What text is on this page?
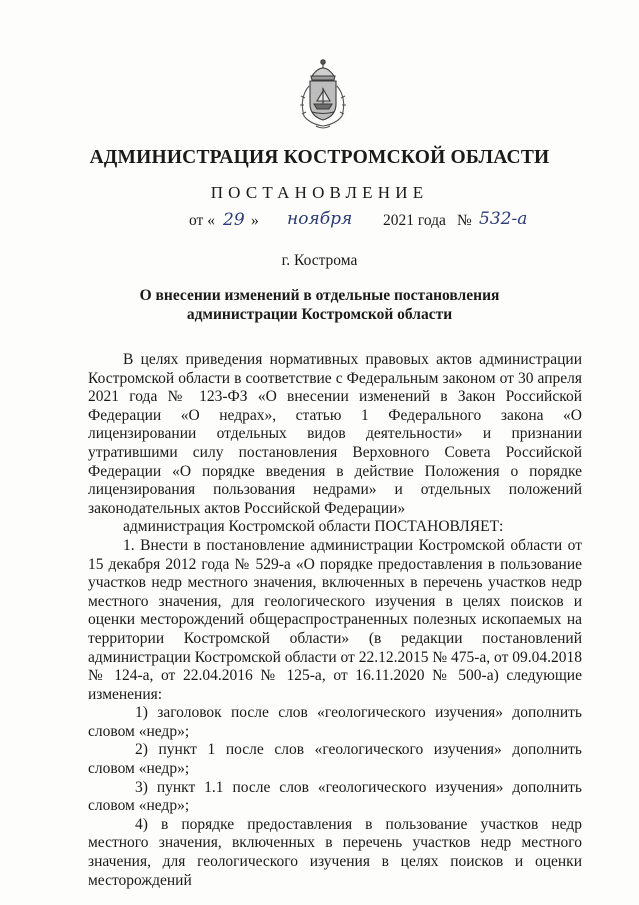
АДМИНИСТРАЦИЯ КОСТРОМСКОЙ ОБЛАСТИ
ПОСТАНОВЛЕНИЕ
от « 29 » ноября 2021 года № 532-а
г. Кострома
О внесении изменений в отдельные постановления
администрации Костромской области

В целях приведения нормативных правовых актов администрации Костромской области в соответствие с Федеральным законом от 30 апреля 2021 года № 123-ФЗ «О внесении изменений в Закон Российской Федерации «О недрах», статью 1 Федерального закона «О лицензировании отдельных видов деятельности» и признании утратившими силу постановления Верховного Совета Российской Федерации «О порядке введения в действие Положения о порядке лицензирования пользования недрами» и отдельных положений законодательных актов Российской Федерации»

администрация Костромской области ПОСТАНОВЛЯЕТ:

1. Внести в постановление администрации Костромской области от 15 декабря 2012 года № 529-а «О порядке предоставления в пользование участков недр местного значения, включенных в перечень участков недр местного значения, для геологического изучения в целях поисков и оценки месторождений общераспространенных полезных ископаемых на территории Костромской области» (в редакции постановлений администрации Костромской области от 22.12.2015 № 475-а, от 09.04.2018 № 124-а, от 22.04.2016 № 125-а, от 16.11.2020 № 500-а) следующие изменения:

1) заголовок после слов «геологического изучения» дополнить словом «недр»;

2) пункт 1 после слов «геологического изучения» дополнить словом «недр»;

3) пункт 1.1 после слов «геологического изучения» дополнить словом «недр»;

4) в порядке предоставления в пользование участков недр местного значения, включенных в перечень участков недр местного значения, для геологического изучения в целях поисков и оценки месторождений
